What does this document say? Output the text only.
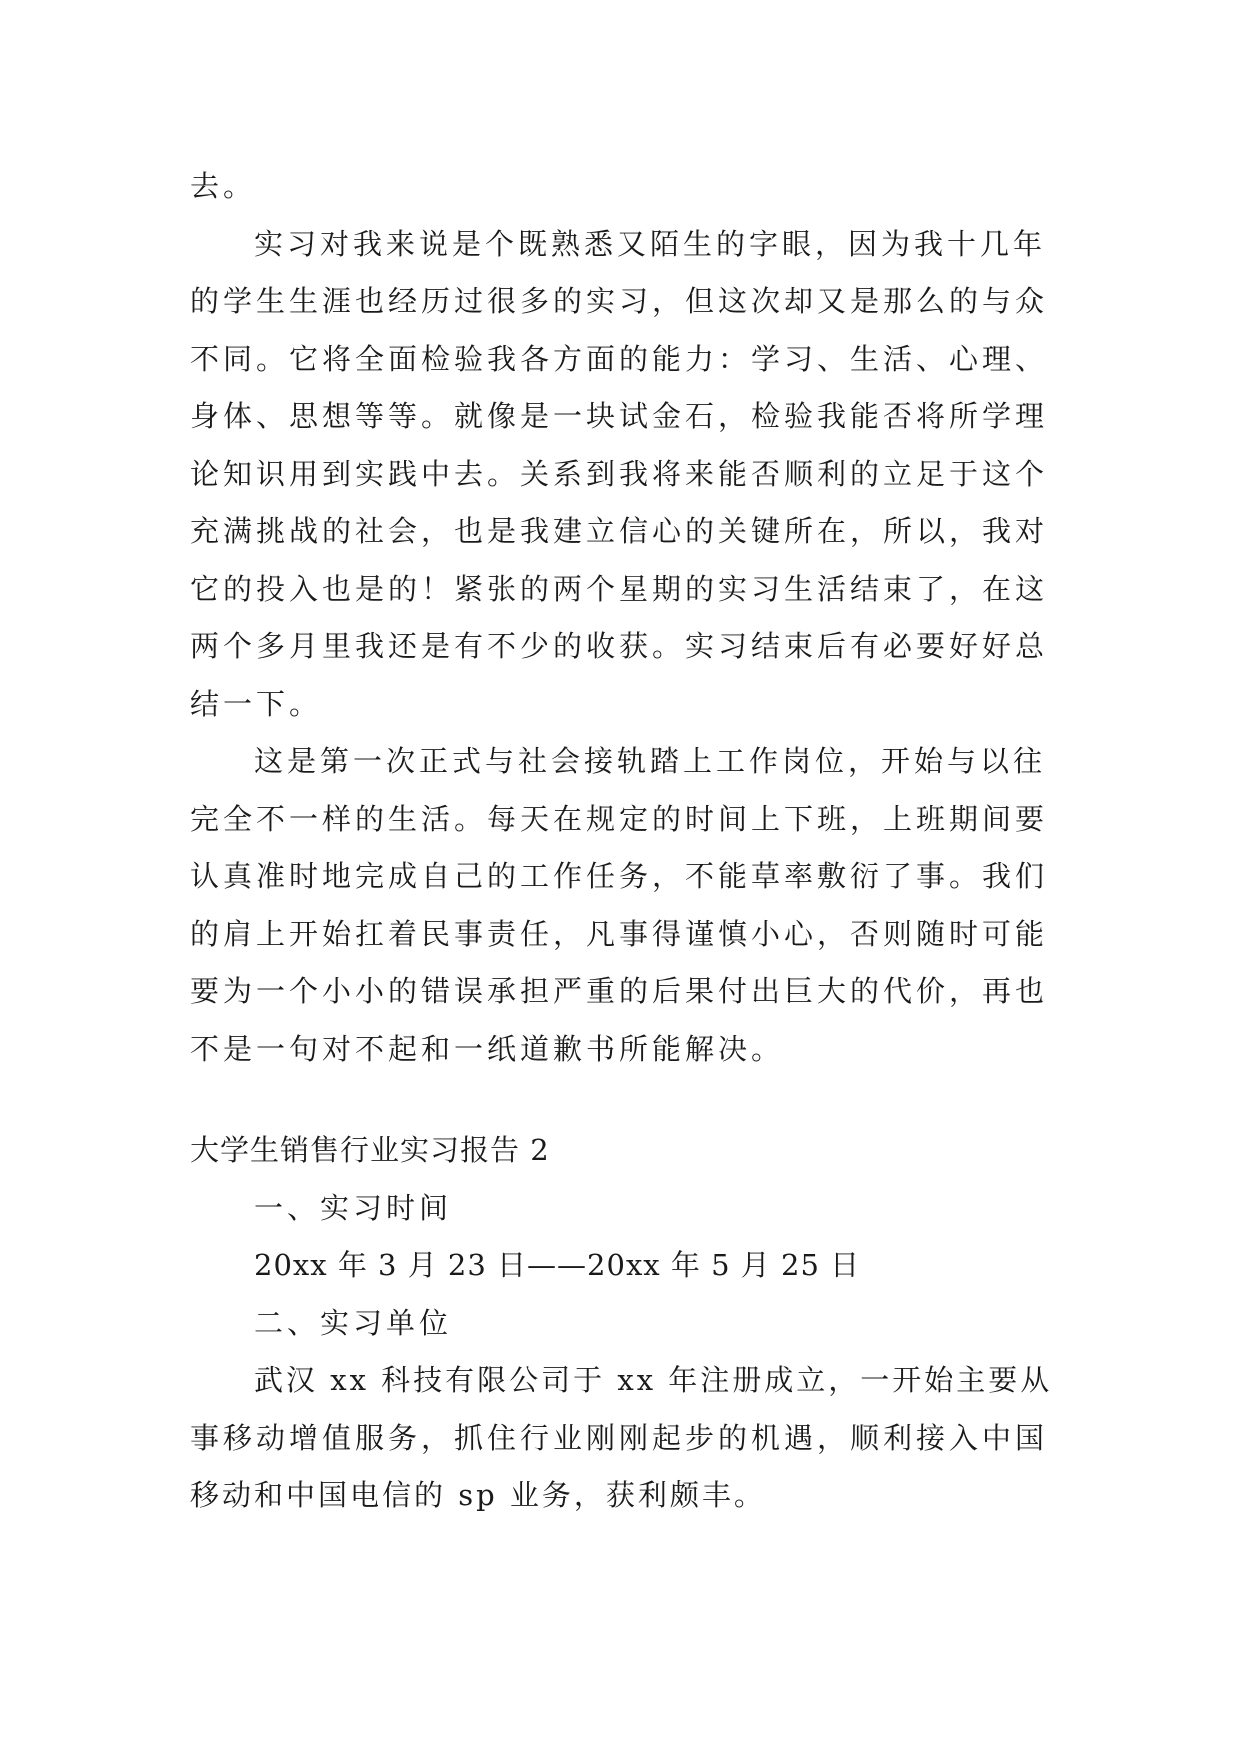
去。
实习对我来说是个既熟悉又陌生的字眼，因为我十几年
的学生生涯也经历过很多的实习，但这次却又是那么的与众
不同。它将全面检验我各方面的能力：学习、生活、心理、
身体、思想等等。就像是一块试金石，检验我能否将所学理
论知识用到实践中去。关系到我将来能否顺利的立足于这个
充满挑战的社会，也是我建立信心的关键所在，所以，我对
它的投入也是的！紧张的两个星期的实习生活结束了，在这
两个多月里我还是有不少的收获。实习结束后有必要好好总
结一下。
这是第一次正式与社会接轨踏上工作岗位，开始与以往
完全不一样的生活。每天在规定的时间上下班，上班期间要
认真准时地完成自己的工作任务，不能草率敷衍了事。我们
的肩上开始扛着民事责任，凡事得谨慎小心，否则随时可能
要为一个小小的错误承担严重的后果付出巨大的代价，再也
不是一句对不起和一纸道歉书所能解决。
大学生销售行业实习报告 2
一、实习时间
20xx 年 3 月 23 日——20xx 年 5 月 25 日
二、实习单位
武汉 xx 科技有限公司于 xx 年注册成立，一开始主要从
事移动增值服务，抓住行业刚刚起步的机遇，顺利接入中国
移动和中国电信的 sp 业务，获利颇丰。
